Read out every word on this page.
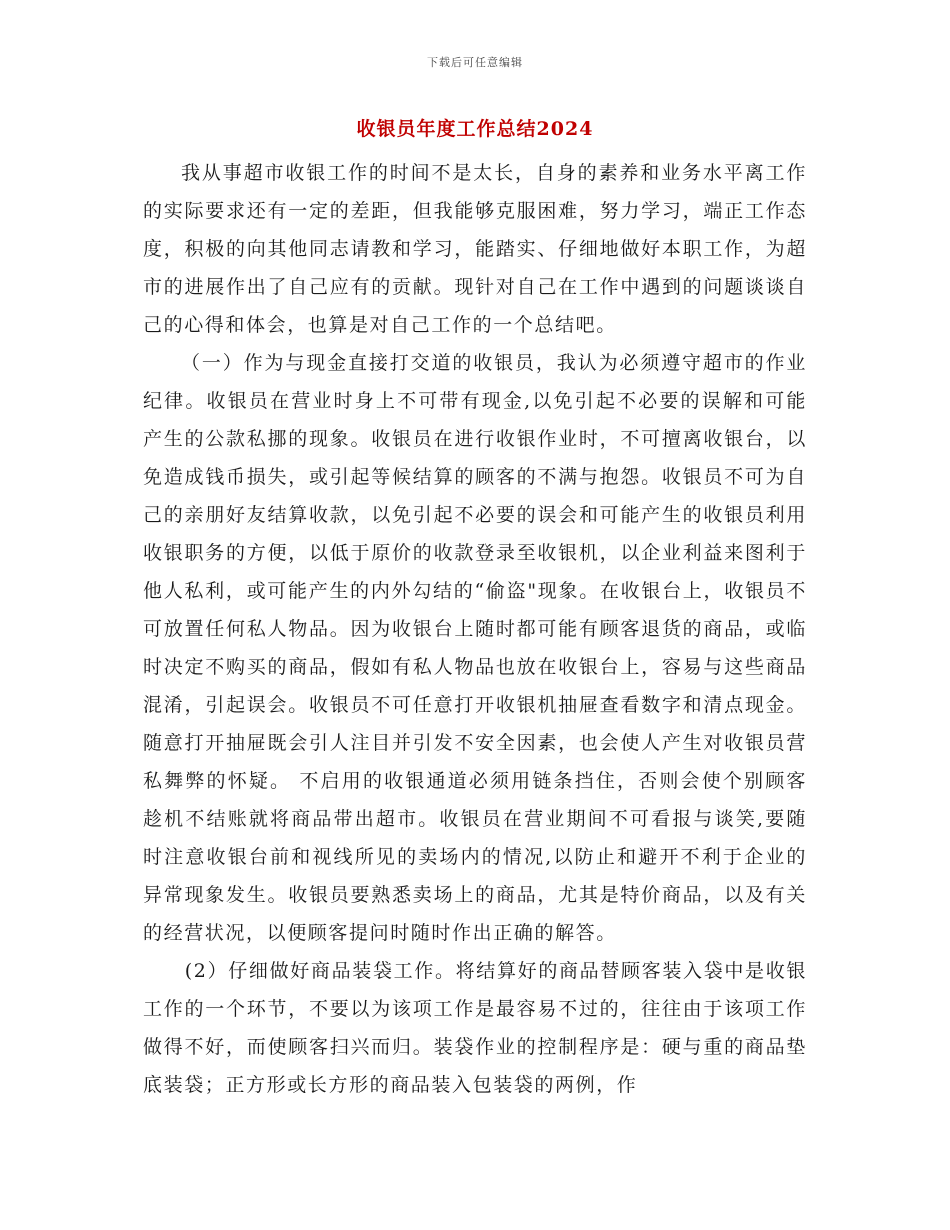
下载后可任意编辑
收银员年度工作总结2024

我从事超市收银工作的时间不是太长，自身的素养和业务水平离工作的实际要求还有一定的差距，但我能够克服困难，努力学习，端正工作态度，积极的向其他同志请教和学习，能踏实、仔细地做好本职工作，为超市的进展作出了自己应有的贡献。现针对自己在工作中遇到的问题谈谈自己的心得和体会，也算是对自己工作的一个总结吧。

（一）作为与现金直接打交道的收银员，我认为必须遵守超市的作业纪律。收银员在营业时身上不可带有现金,以免引起不必要的误解和可能产生的公款私挪的现象。收银员在进行收银作业时，不可擅离收银台，以免造成钱币损失，或引起等候结算的顾客的不满与抱怨。收银员不可为自己的亲朋好友结算收款，以免引起不必要的误会和可能产生的收银员利用收银职务的方便，以低于原价的收款登录至收银机，以企业利益来图利于他人私利，或可能产生的内外勾结的“偷盗"现象。在收银台上，收银员不可放置任何私人物品。因为收银台上随时都可能有顾客退货的商品，或临时决定不购买的商品，假如有私人物品也放在收银台上，容易与这些商品混淆，引起误会。收银员不可任意打开收银机抽屉查看数字和清点现金。随意打开抽屉既会引人注目并引发不安全因素，也会使人产生对收银员营私舞弊的怀疑。 不启用的收银通道必须用链条挡住，否则会使个别顾客趁机不结账就将商品带出超市。收银员在营业期间不可看报与谈笑,要随时注意收银台前和视线所见的卖场内的情况,以防止和避开不利于企业的异常现象发生。收银员要熟悉卖场上的商品，尤其是特价商品，以及有关的经营状况，以便顾客提问时随时作出正确的解答。

(2）仔细做好商品装袋工作。将结算好的商品替顾客装入袋中是收银工作的一个环节，不要以为该项工作是最容易不过的，往往由于该项工作做得不好，而使顾客扫兴而归。装袋作业的控制程序是：硬与重的商品垫底装袋；正方形或长方形的商品装入包装袋的两例，作
